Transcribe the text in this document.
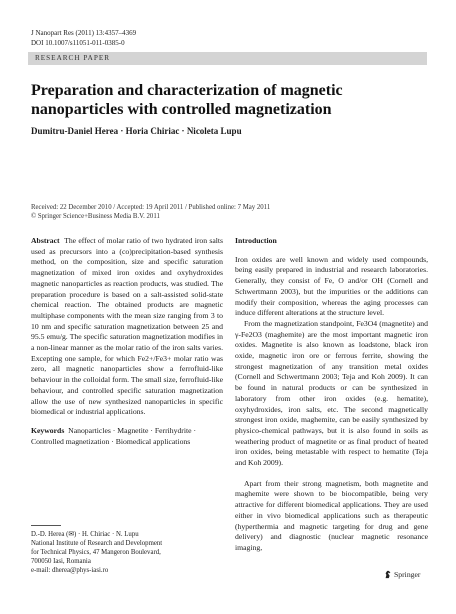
J Nanopart Res (2011) 13:4357–4369
DOI 10.1007/s11051-011-0385-0
RESEARCH PAPER
Preparation and characterization of magnetic nanoparticles with controlled magnetization
Dumitru-Daniel Herea · Horia Chiriac · Nicoleta Lupu
Received: 22 December 2010 / Accepted: 19 April 2011 / Published online: 7 May 2011
© Springer Science+Business Media B.V. 2011

Abstract The effect of molar ratio of two hydrated iron salts used as precursors into a (co)precipitation-based synthesis method, on the composition, size and specific saturation magnetization of mixed iron oxides and oxyhydroxides magnetic nanoparticles as reaction products, was studied. The preparation procedure is based on a salt-assisted solid-state chemical reaction. The obtained products are magnetic multiphase components with the mean size ranging from 3 to 10 nm and specific saturation magnetization between 25 and 95.5 emu/g. The specific saturation magnetization modifies in a non-linear manner as the molar ratio of the iron salts varies. Excepting one sample, for which Fe2+/Fe3+ molar ratio was zero, all magnetic nanoparticles show a ferrofluid-like behaviour in the colloidal form. The small size, ferrofluid-like behaviour, and controlled specific saturation magnetization allow the use of new synthesized nanoparticles in specific biomedical or industrial applications.

Keywords Nanoparticles · Magnetite · Ferrihydrite · Controlled magnetization · Biomedical applications
D.-D. Herea (✉) · H. Chiriac · N. Lupu
National Institute of Research and Development
for Technical Physics, 47 Mangeron Boulevard,
700050 Iasi, Romania
e-mail: dherea@phys-iasi.ro
Introduction

Iron oxides are well known and widely used compounds, being easily prepared in industrial and research laboratories. Generally, they consist of Fe, O and/or OH (Cornell and Schwertmann 2003), but the impurities or the additions can modify their composition, whereas the aging processes can induce different alterations at the structure level.

From the magnetization standpoint, Fe3O4 (magnetite) and γ-Fe2O3 (maghemite) are the most important magnetic iron oxides. Magnetite is also known as loadstone, black iron oxide, magnetic iron ore or ferrous ferrite, showing the strongest magnetization of any transition metal oxides (Cornell and Schwertmann 2003; Teja and Koh 2009). It can be found in natural products or can be synthesized in laboratory from other iron oxides (e.g. hematite), oxyhydroxides, iron salts, etc. The second magnetically strongest iron oxide, maghemite, can be easily synthesized by physico-chemical pathways, but it is also found in soils as weathering product of magnetite or as final product of heated iron oxides, being metastable with respect to hematite (Teja and Koh 2009).

Apart from their strong magnetism, both magnetite and maghemite were shown to be biocompatible, being very attractive for different biomedical applications. They are used either in vivo biomedical applications such as therapeutic (hyperthermia and magnetic targeting for drug and gene delivery) and diagnostic (nuclear magnetic resonance imaging,

Springer
